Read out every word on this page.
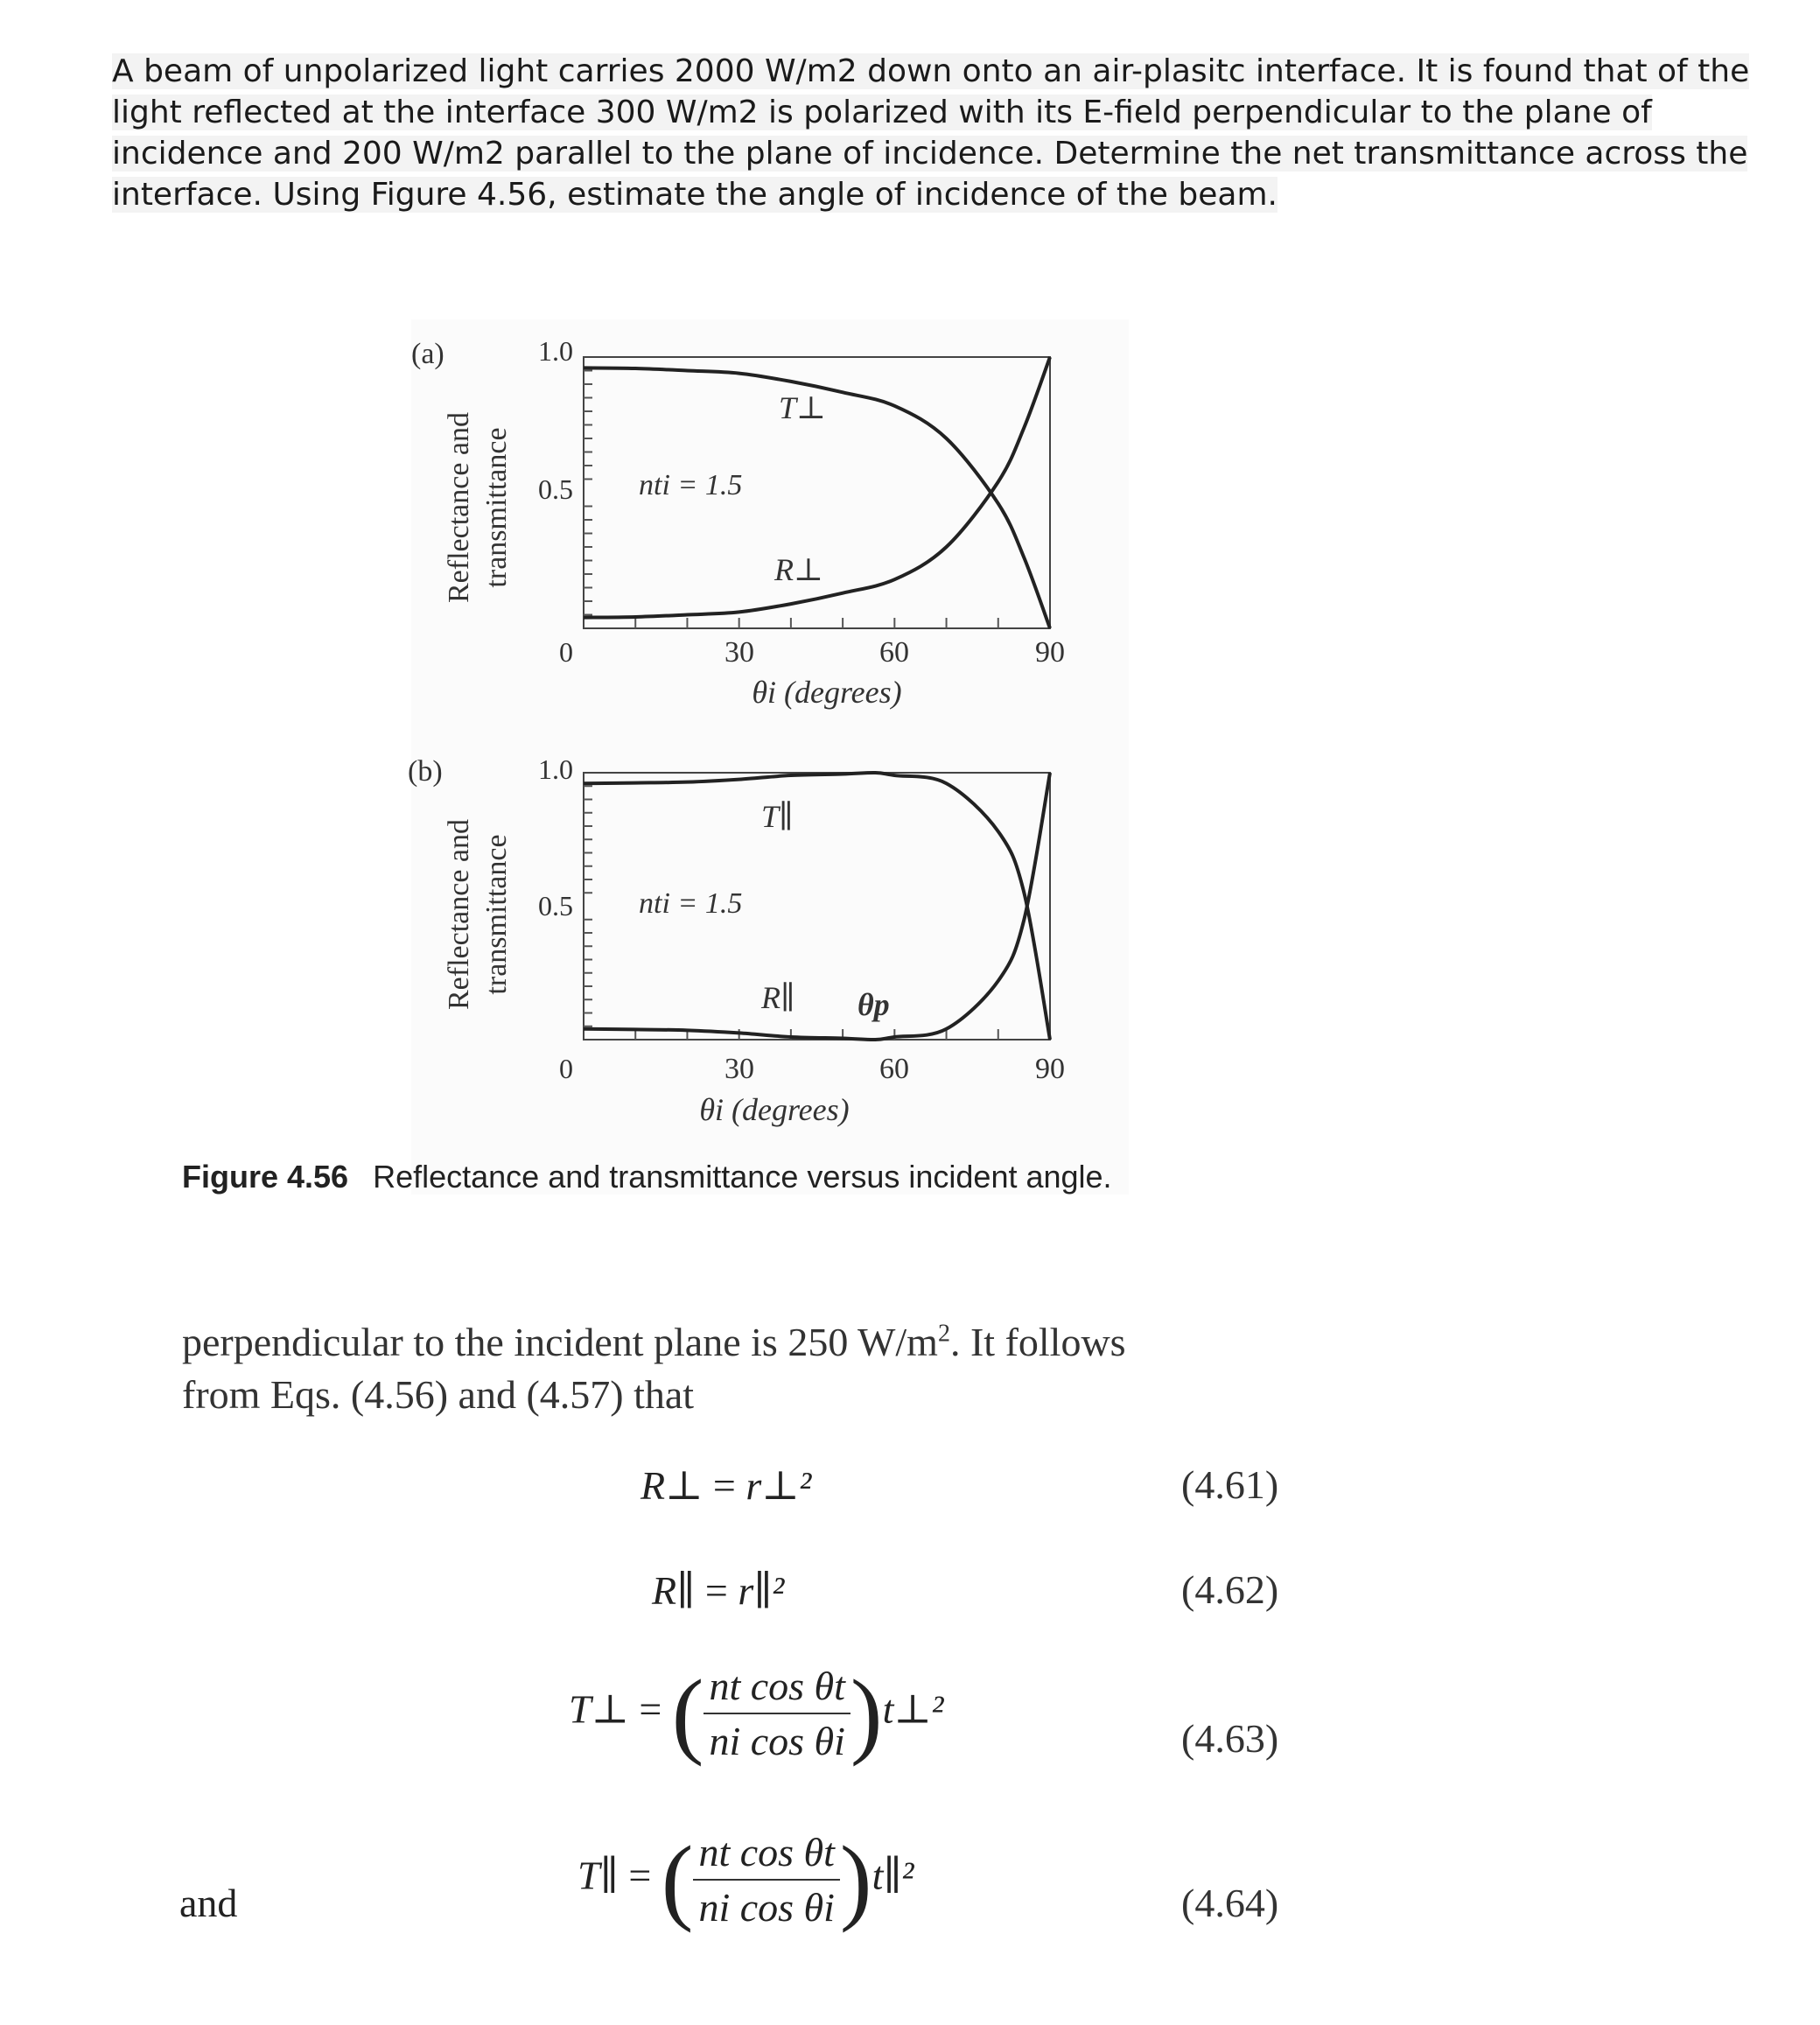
A beam of unpolarized light carries 2000 W/m2 down onto an air-plasitc interface. It is found that of the light reflected at the interface 300 W/m2 is polarized with its E-field perpendicular to the plane of incidence and 200 W/m2 parallel to the plane of incidence. Determine the net transmittance across the interface. Using Figure 4.56, estimate the angle of incidence of the beam.

(a)
Reflectance and transmittance
1.0
0.5
0	30	60	90
θi (degrees)
nti = 1.5
T⊥
R⊥
(b)
Reflectance and transmittance
1.0
0.5
0	30	60	90
θi (degrees)
nti = 1.5
T∥
R∥ θp
Figure 4.56 Reflectance and transmittance versus incident angle.

perpendicular to the incident plane is 250 $W/m^2$. It follows
from Eqs. (4.56) and (4.57) that

R⊥ = r⊥²	(4.61)
R∥ = r∥²	(4.62)
T⊥ = ( $\frac{\text{nt cos θt}}{\text{ni cos θi}}$ )t⊥²
(4.63)
and
T∥ = ( $\frac{\text{nt cos θt}}{\text{ni cos θi}}$ )t∥²
(4.64)
